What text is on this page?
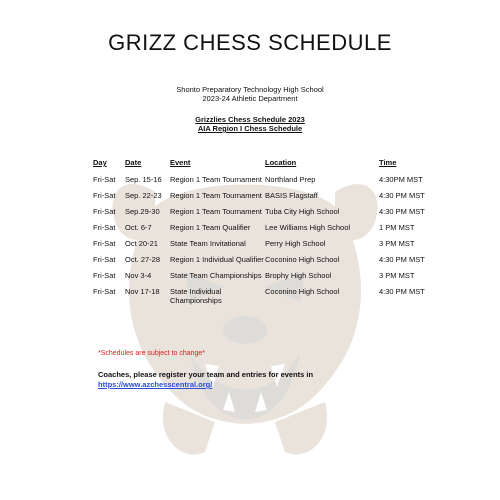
GRIZZ CHESS SCHEDULE
Shonto Preparatory Technology High School
2023-24 Athletic Department
Grizzlies Chess Schedule 2023
AIA Region I Chess Schedule
Day	Date	Event	Location	Time
Fri-Sat	Sep. 15-16	Region 1 Team Tournament	Northland Prep	4:30PM MST
Fri-Sat	Sep. 22-23	Region 1 Team Tournament	BASIS Flagstaff	4:30 PM MST
Fri-Sat	Sep.29-30	Region 1 Team Tournament	Tuba City High School	4:30 PM MST
Fri-Sat	Oct. 6-7	Region 1 Team Qualifier	Lee Williams High School	1 PM MST
Fri-Sat	Oct 20-21	State Team Invitational	Perry High School	3 PM MST
Fri-Sat	Oct. 27-28	Region 1 Individual Qualifier	Coconino High School	4:30 PM MST
Fri-Sat	Nov 3-4	State Team Championships	Brophy High School	3 PM MST
Fri-Sat	Nov 17-18	State Individual Championships	Coconino High School	4:30 PM MST
*Schedules are subject to change*
Coaches, please register your team and entries for events in
https://www.azchesscentral.org/
